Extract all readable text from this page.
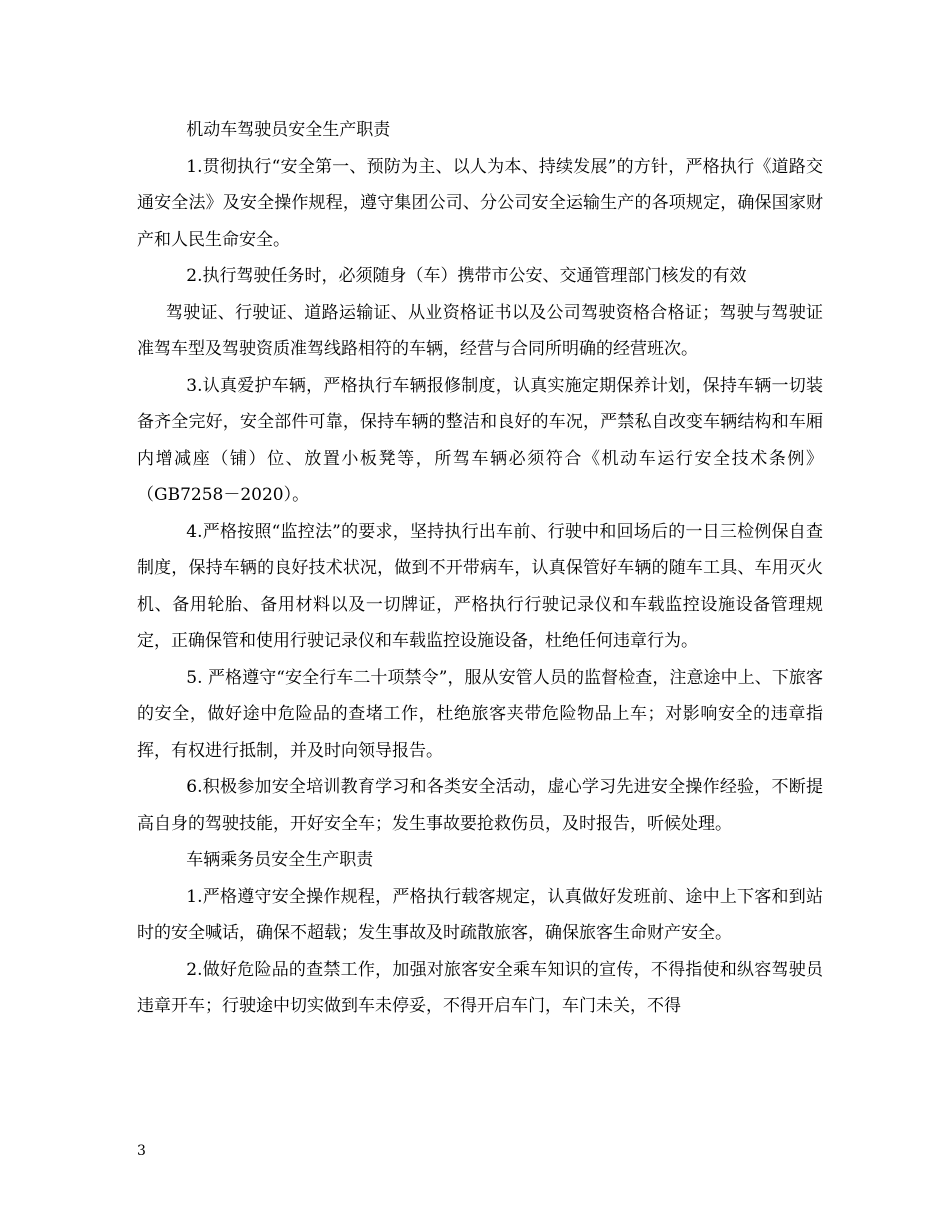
机动车驾驶员安全生产职责

1.贯彻执行“安全第一、预防为主、以人为本、持续发展”的方针，严格执行《道路交通安全法》及安全操作规程，遵守集团公司、分公司安全运输生产的各项规定，确保国家财产和人民生命安全。

2.执行驾驶任务时，必须随身（车）携带市公安、交通管理部门核发的有效

驾驶证、行驶证、道路运输证、从业资格证书以及公司驾驶资格合格证；驾驶与驾驶证准驾车型及驾驶资质准驾线路相符的车辆，经营与合同所明确的经营班次。

3.认真爱护车辆，严格执行车辆报修制度，认真实施定期保养计划，保持车辆一切装备齐全完好，安全部件可靠，保持车辆的整洁和良好的车况，严禁私自改变车辆结构和车厢内增减座（铺）位、放置小板凳等，所驾车辆必须符合《机动车运行安全技术条例》（GB7258－2020）。

4.严格按照“监控法”的要求，坚持执行出车前、行驶中和回场后的一日三检例保自查制度，保持车辆的良好技术状况，做到不开带病车，认真保管好车辆的随车工具、车用灭火机、备用轮胎、备用材料以及一切牌证，严格执行行驶记录仪和车载监控设施设备管理规定，正确保管和使用行驶记录仪和车载监控设施设备，杜绝任何违章行为。

5. 严格遵守“安全行车二十项禁令”，服从安管人员的监督检查，注意途中上、下旅客的安全，做好途中危险品的查堵工作，杜绝旅客夹带危险物品上车；对影响安全的违章指挥，有权进行抵制，并及时向领导报告。

6.积极参加安全培训教育学习和各类安全活动，虚心学习先进安全操作经验，不断提高自身的驾驶技能，开好安全车；发生事故要抢救伤员，及时报告，听候处理。

车辆乘务员安全生产职责

1.严格遵守安全操作规程，严格执行载客规定，认真做好发班前、途中上下客和到站时的安全喊话，确保不超载；发生事故及时疏散旅客，确保旅客生命财产安全。

2.做好危险品的查禁工作，加强对旅客安全乘车知识的宣传，不得指使和纵容驾驶员违章开车；行驶途中切实做到车未停妥，不得开启车门，车门未关，不得

3
